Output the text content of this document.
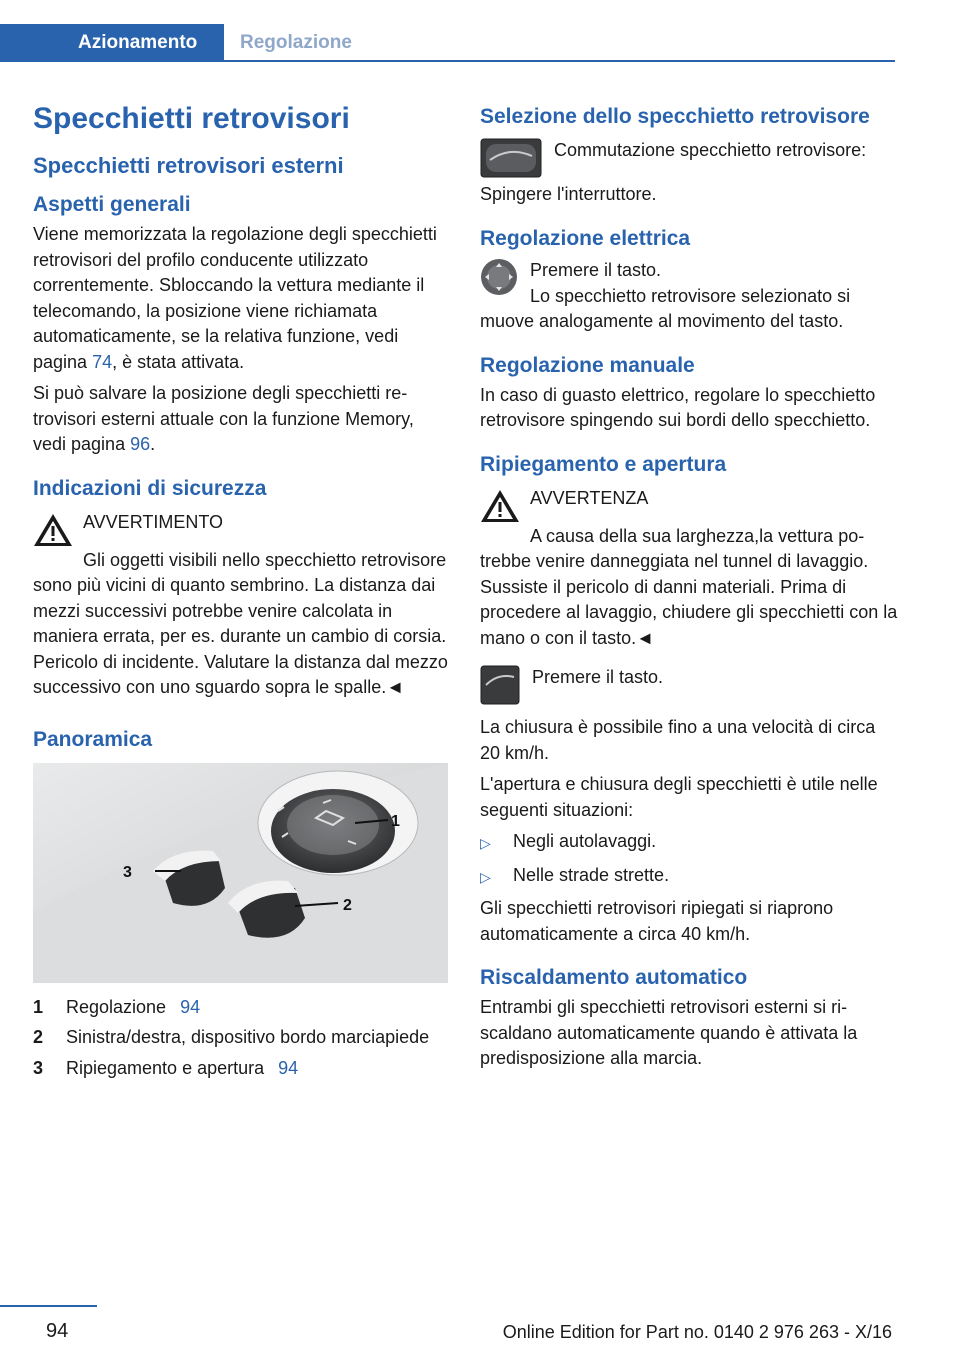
Azionamento	Regolazione
Specchietti retrovisori
Specchietti retrovisori esterni
Aspetti generali

Viene memorizzata la regolazione degli specchietti retrovisori del profilo conducente utilizzato correntemente. Sbloccando la vettura mediante il telecomando, la posizione viene richiamata automaticamente, se la relativa funzione, vedi pagina 74, è stata attivata.

Si può salvare la posizione degli specchietti retrovisori esterni attuale con la funzione Memory, vedi pagina 96.

Indicazioni di sicurezza
AVVERTIMENTO

Gli oggetti visibili nello specchietto retrovisore sono più vicini di quanto sembrino. La distanza dai mezzi successivi potrebbe venire calcolata in maniera errata, per es. durante un cambio di corsia. Pericolo di incidente. Valutare la distanza dal mezzo successivo con uno sguardo sopra le spalle.◄

Panoramica
1
2
3
1	Regolazione 94
2	Sinistra/destra, dispositivo bordo marciapiede
3	Ripiegamento e apertura 94
Selezione dello specchietto retrovisore
Commutazione specchietto retrovisore:

Spingere l'interruttore.

Regolazione elettrica
Premere il tasto.

Lo specchietto retrovisore selezionato si muove analogamente al movimento del tasto.

Regolazione manuale

In caso di guasto elettrico, regolare lo specchietto retrovisore spingendo sui bordi dello specchietto.

Ripiegamento e apertura
AVVERTENZA

A causa della sua larghezza,la vettura potrebbe venire danneggiata nel tunnel di lavaggio. Sussiste il pericolo di danni materiali. Prima di procedere al lavaggio, chiudere gli specchietti con la mano o con il tasto.◄

Premere il tasto.

La chiusura è possibile fino a una velocità di circa 20 km/h.

L'apertura e chiusura degli specchietti è utile nelle seguenti situazioni:

▷	Negli autolavaggi.
▷	Nelle strade strette.

Gli specchietti retrovisori ripiegati si riaprono automaticamente a circa 40 km/h.

Riscaldamento automatico

Entrambi gli specchietti retrovisori esterni si riscaldano automaticamente quando è attivata la predisposizione alla marcia.

94	Online Edition for Part no. 0140 2 976 263 - X/16
